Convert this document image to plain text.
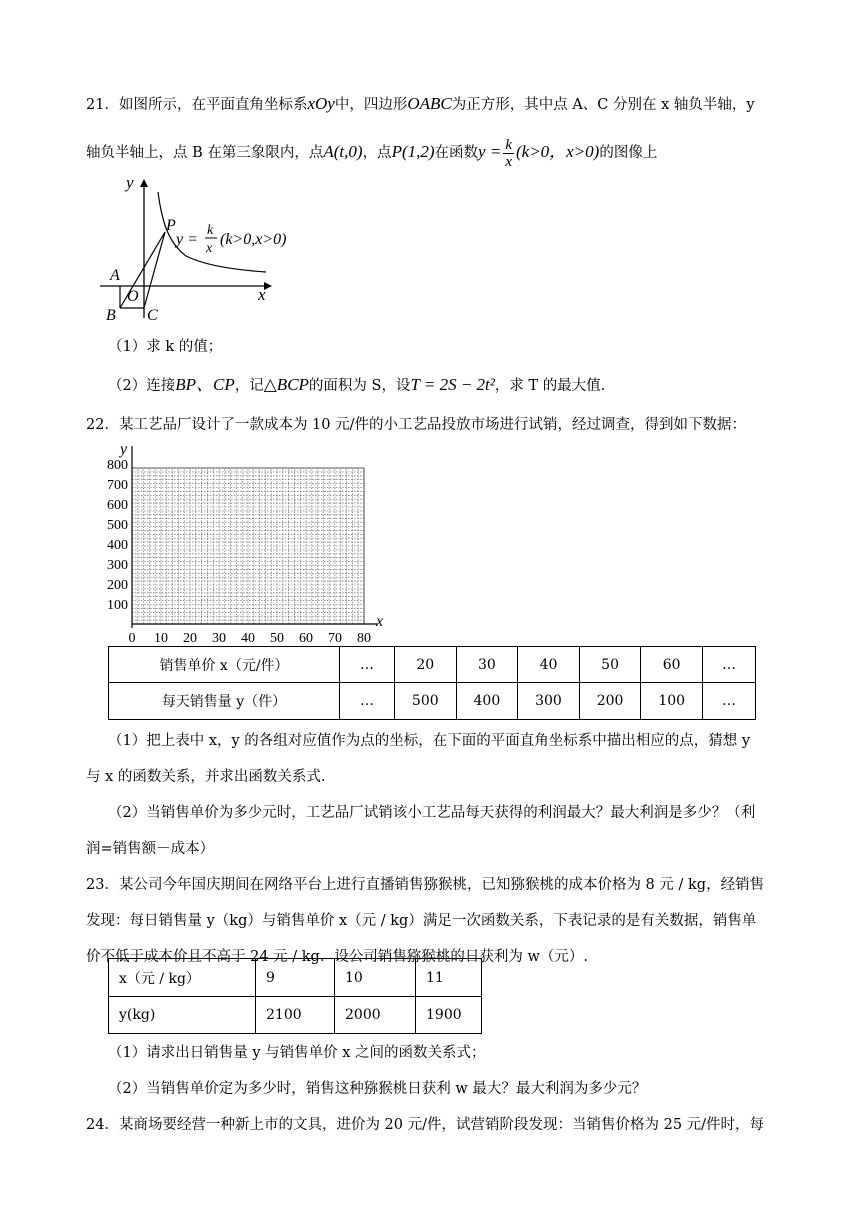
21．如图所示，在平面直角坐标系xOy中，四边形OABC为正方形，其中点 A、C 分别在 x 轴负半轴，y
轴负半轴上，点 B 在第三象限内，点A(t,0)，点P(1,2)在函数$y = \frac{k}{x} (k>0$，x>0)的图像上
y
x
P
A
O
B C
y =
k
x
(k>0,x>0)
（1）求 k 的值；
（2）连接BP、CP，记△BCP的面积为 S，设T = 2S − 2t²，求 T 的最大值.
22．某工艺品厂设计了一款成本为 10 元/件的小工艺品投放市场进行试销，经过调查，得到如下数据：
y
x
800
700
600
500
400
300
200
100
0 10 20 30 40 50 60 70 80
销售单价 x（元/件）	…	20	30	40	50	60	…
每天销售量 y（件）	…	500	400	300	200	100	…
（1）把上表中 x，y 的各组对应值作为点的坐标，在下面的平面直角坐标系中描出相应的点，猜想 y
与 x 的函数关系，并求出函数关系式.
（2）当销售单价为多少元时，工艺品厂试销该小工艺品每天获得的利润最大？最大利润是多少？（利
润=销售额－成本）
23．某公司今年国庆期间在网络平台上进行直播销售猕猴桃，已知猕猴桃的成本价格为 8 元 / kg，经销售
发现：每日销售量 y（kg）与销售单价 x（元 / kg）满足一次函数关系，下表记录的是有关数据，销售单
价不低于成本价且不高于 24 元 / kg．设公司销售猕猴桃的日获利为 w（元）.
x（元 / kg）	9	10	11
y(kg)	2100	2000	1900
（1）请求出日销售量 y 与销售单价 x 之间的函数关系式；
（2）当销售单价定为多少时，销售这种猕猴桃日获利 w 最大？最大利润为多少元？
24．某商场要经营一种新上市的文具，进价为 20 元/件，试营销阶段发现：当销售价格为 25 元/件时，每
